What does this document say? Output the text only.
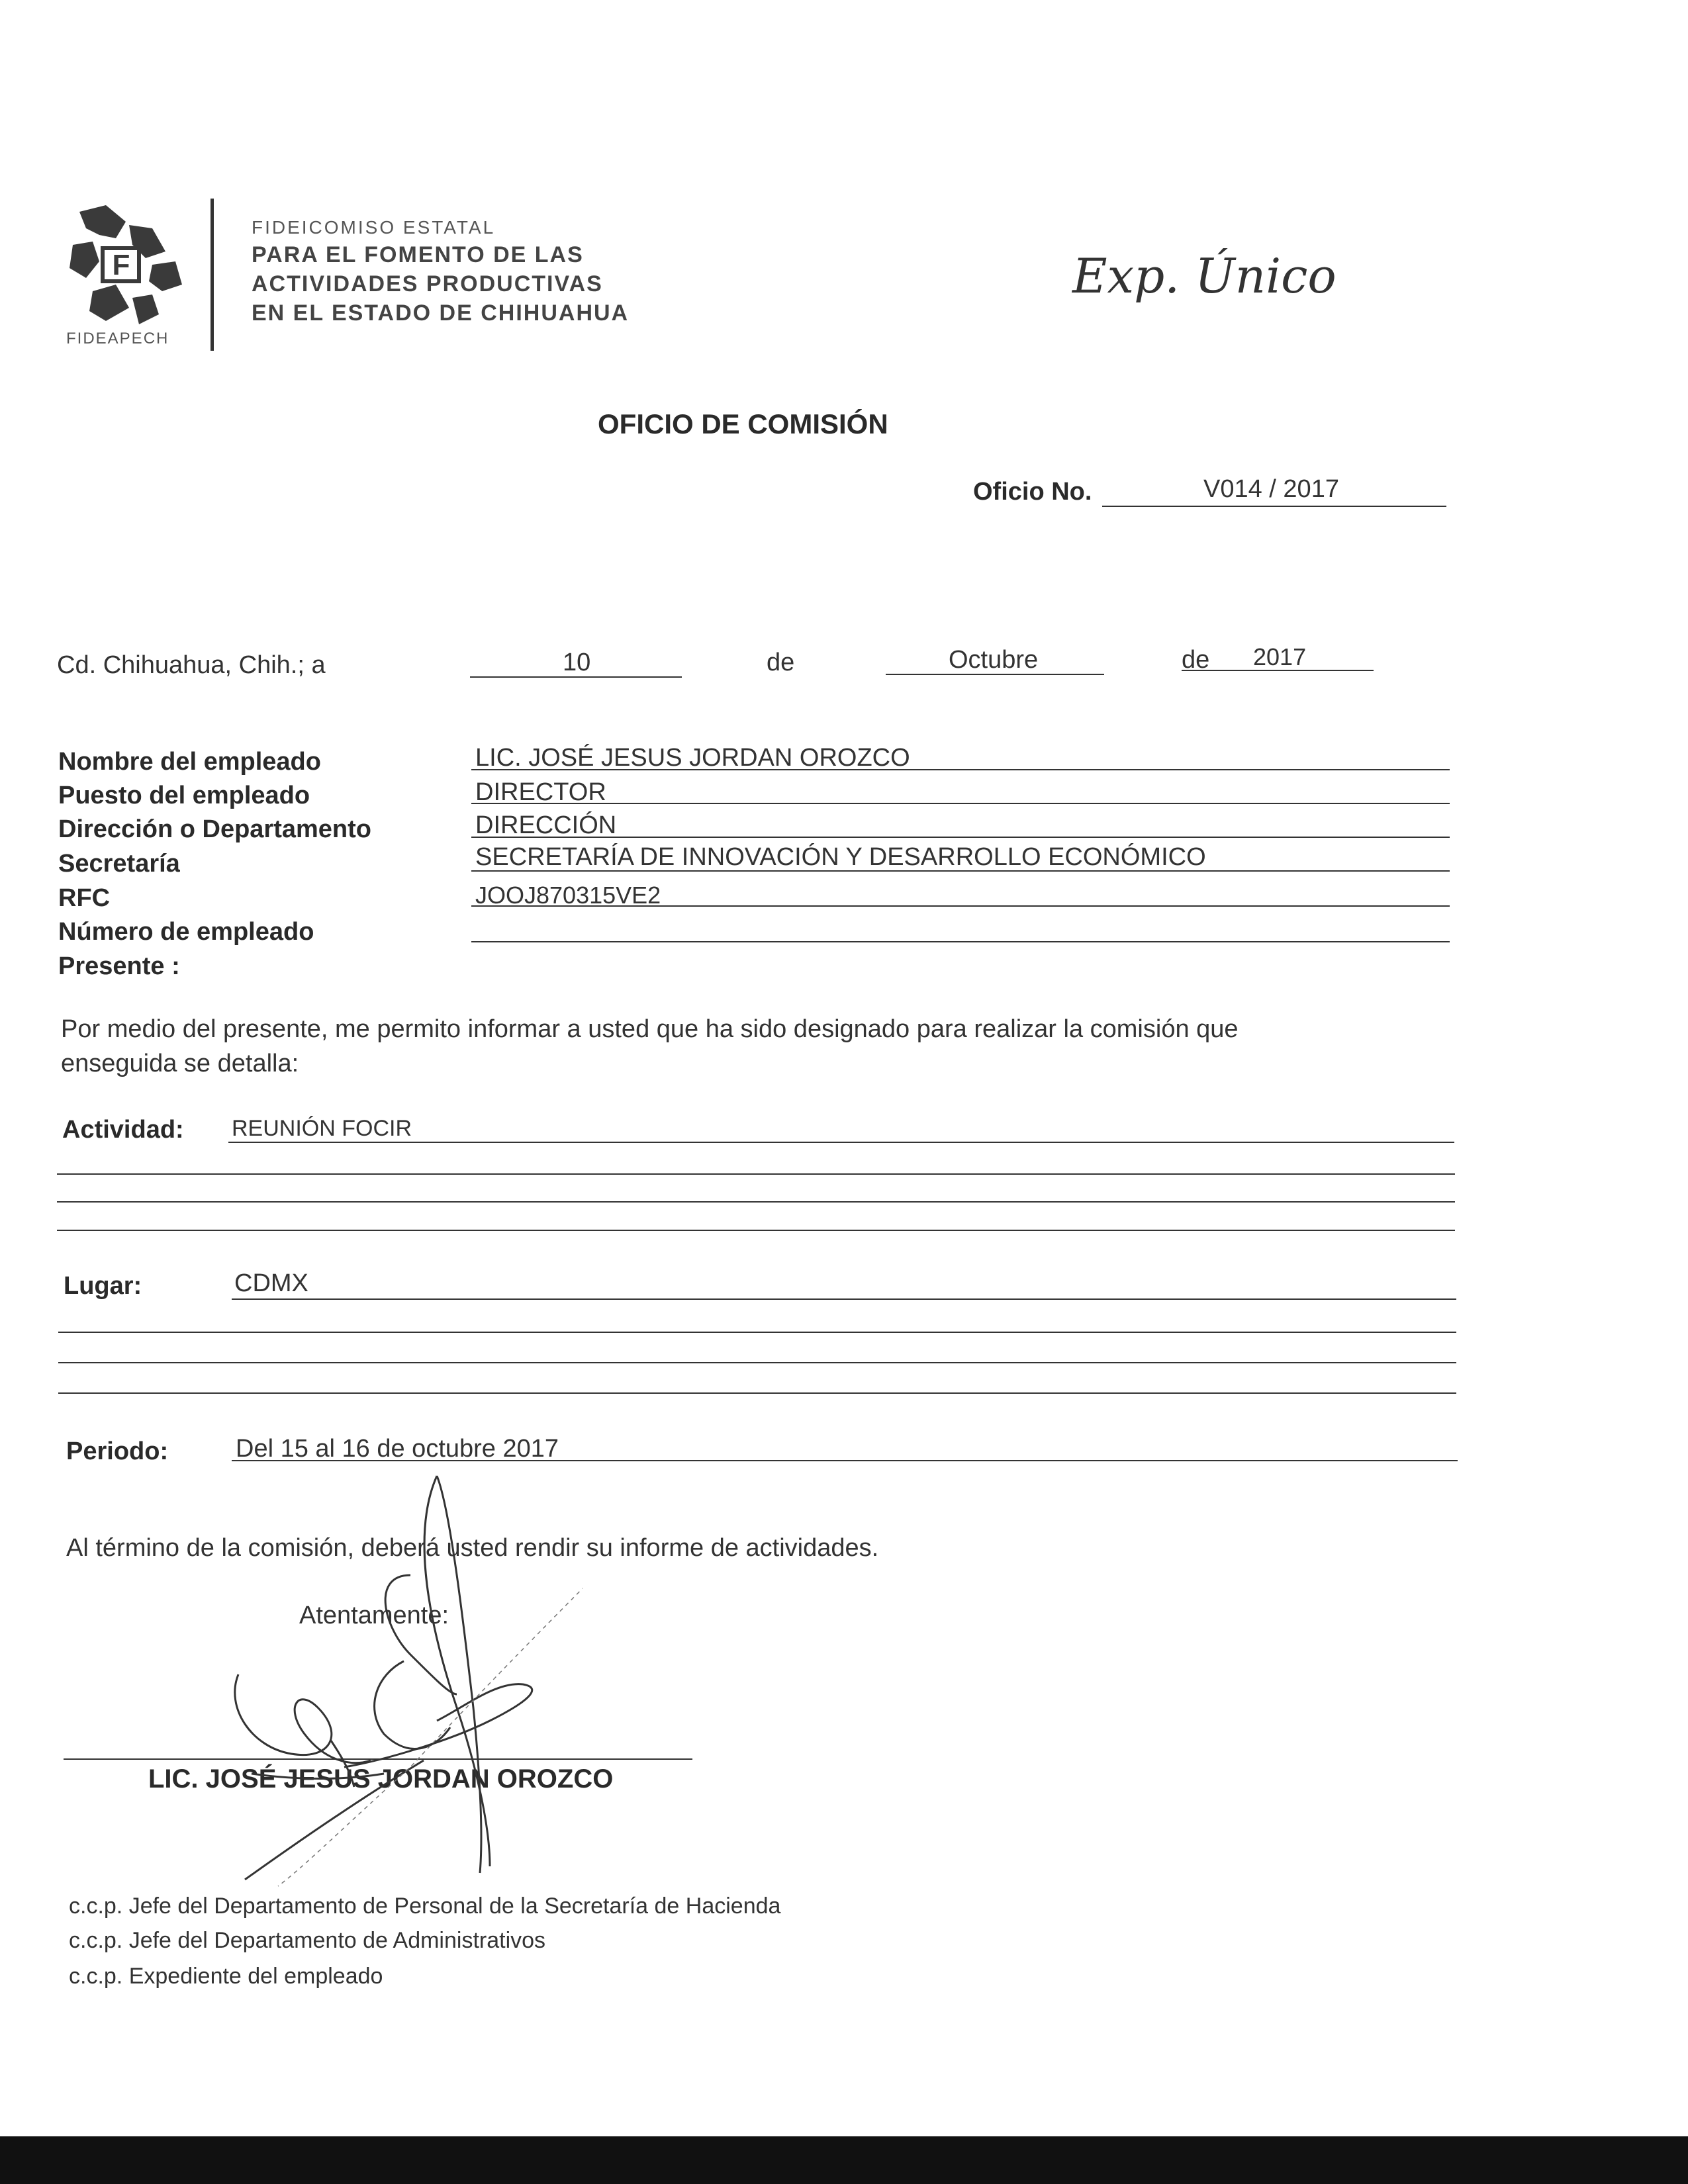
F
FIDEAPECH
FIDEICOMISO ESTATAL
PARA EL FOMENTO DE LAS
ACTIVIDADES PRODUCTIVAS
EN EL ESTADO DE CHIHUAHUA
Exp. Único
OFICIO DE COMISIÓN
Oficio No.	V014 / 2017
Cd. Chihuahua, Chih.; a	10	de	Octubre	de 2017
Nombre del empleado	LIC. JOSÉ JESUS JORDAN OROZCO
Puesto del empleado	DIRECTOR
Dirección o Departamento	DIRECCIÓN
Secretaría	SECRETARÍA DE INNOVACIÓN Y DESARROLLO ECONÓMICO
RFC	JOOJ870315VE2
Número de empleado
Presente :
Por medio del presente, me permito informar a usted que ha sido designado para realizar la comisión que
enseguida se detalla:
Actividad: REUNIÓN FOCIR
Lugar:	CDMX
Periodo:	Del 15 al 16 de octubre 2017
Al término de la comisión, deberá usted rendir su informe de actividades.
Atentamente:
LIC. JOSÉ JESUS JORDAN OROZCO
c.c.p. Jefe del Departamento de Personal de la Secretaría de Hacienda
c.c.p. Jefe del Departamento de Administrativos
c.c.p. Expediente del empleado
